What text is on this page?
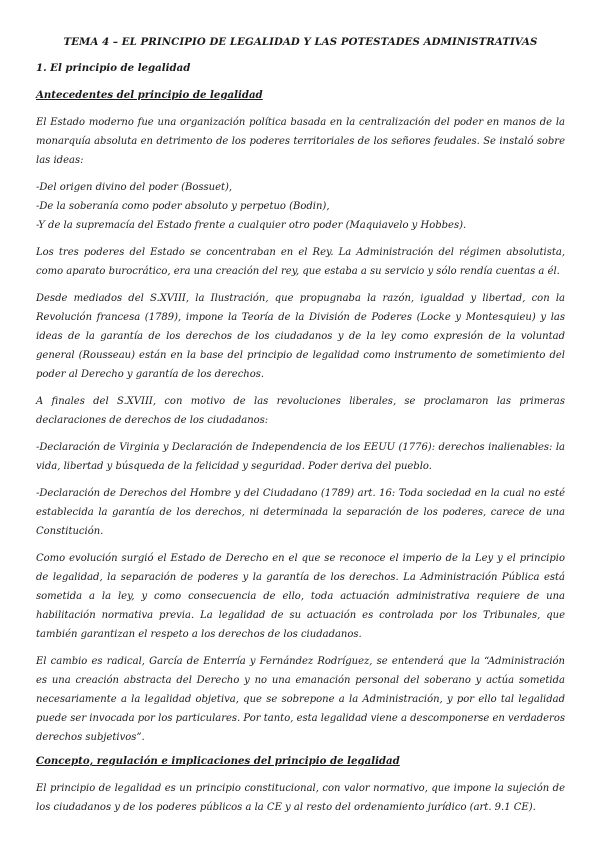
TEMA 4 – EL PRINCIPIO DE LEGALIDAD Y LAS POTESTADES ADMINISTRATIVAS
1. El principio de legalidad
Antecedentes del principio de legalidad
El Estado moderno fue una organización política basada en la centralización del poder en manos de la monarquía absoluta en detrimento de los poderes territoriales de los señores feudales. Se instaló sobre las ideas:
-Del origen divino del poder (Bossuet),
-De la soberanía como poder absoluto y perpetuo (Bodin),
-Y de la supremacía del Estado frente a cualquier otro poder (Maquiavelo y Hobbes).
Los tres poderes del Estado se concentraban en el Rey. La Administración del régimen absolutista, como aparato burocrático, era una creación del rey, que estaba a su servicio y sólo rendía cuentas a él.
Desde mediados del S.XVIII, la Ilustración, que propugnaba la razón, igualdad y libertad, con la Revolución francesa (1789), impone la Teoría de la División de Poderes (Locke y Montesquieu) y las ideas de la garantía de los derechos de los ciudadanos y de la ley como expresión de la voluntad general (Rousseau) están en la base del principio de legalidad como instrumento de sometimiento del poder al Derecho y garantía de los derechos.
A finales del S.XVIII, con motivo de las revoluciones liberales, se proclamaron las primeras declaraciones de derechos de los ciudadanos:
-Declaración de Virginia y Declaración de Independencia de los EEUU (1776): derechos inalienables: la vida, libertad y búsqueda de la felicidad y seguridad. Poder deriva del pueblo.
-Declaración de Derechos del Hombre y del Ciudadano (1789) art. 16: Toda sociedad en la cual no esté establecida la garantía de los derechos, ni determinada la separación de los poderes, carece de una Constitución.
Como evolución surgió el Estado de Derecho en el que se reconoce el imperio de la Ley y el principio de legalidad, la separación de poderes y la garantía de los derechos. La Administración Pública está sometida a la ley, y como consecuencia de ello, toda actuación administrativa requiere de una habilitación normativa previa. La legalidad de su actuación es controlada por los Tribunales, que también garantizan el respeto a los derechos de los ciudadanos.
El cambio es radical, García de Enterría y Fernández Rodríguez, se entenderá que la “Administración es una creación abstracta del Derecho y no una emanación personal del soberano y actúa sometida necesariamente a la legalidad objetiva, que se sobrepone a la Administración, y por ello tal legalidad puede ser invocada por los particulares. Por tanto, esta legalidad viene a descomponerse en verdaderos derechos subjetivos”.
Concepto, regulación e implicaciones del principio de legalidad
El principio de legalidad es un principio constitucional, con valor normativo, que impone la sujeción de los ciudadanos y de los poderes públicos a la CE y al resto del ordenamiento jurídico (art. 9.1 CE).
